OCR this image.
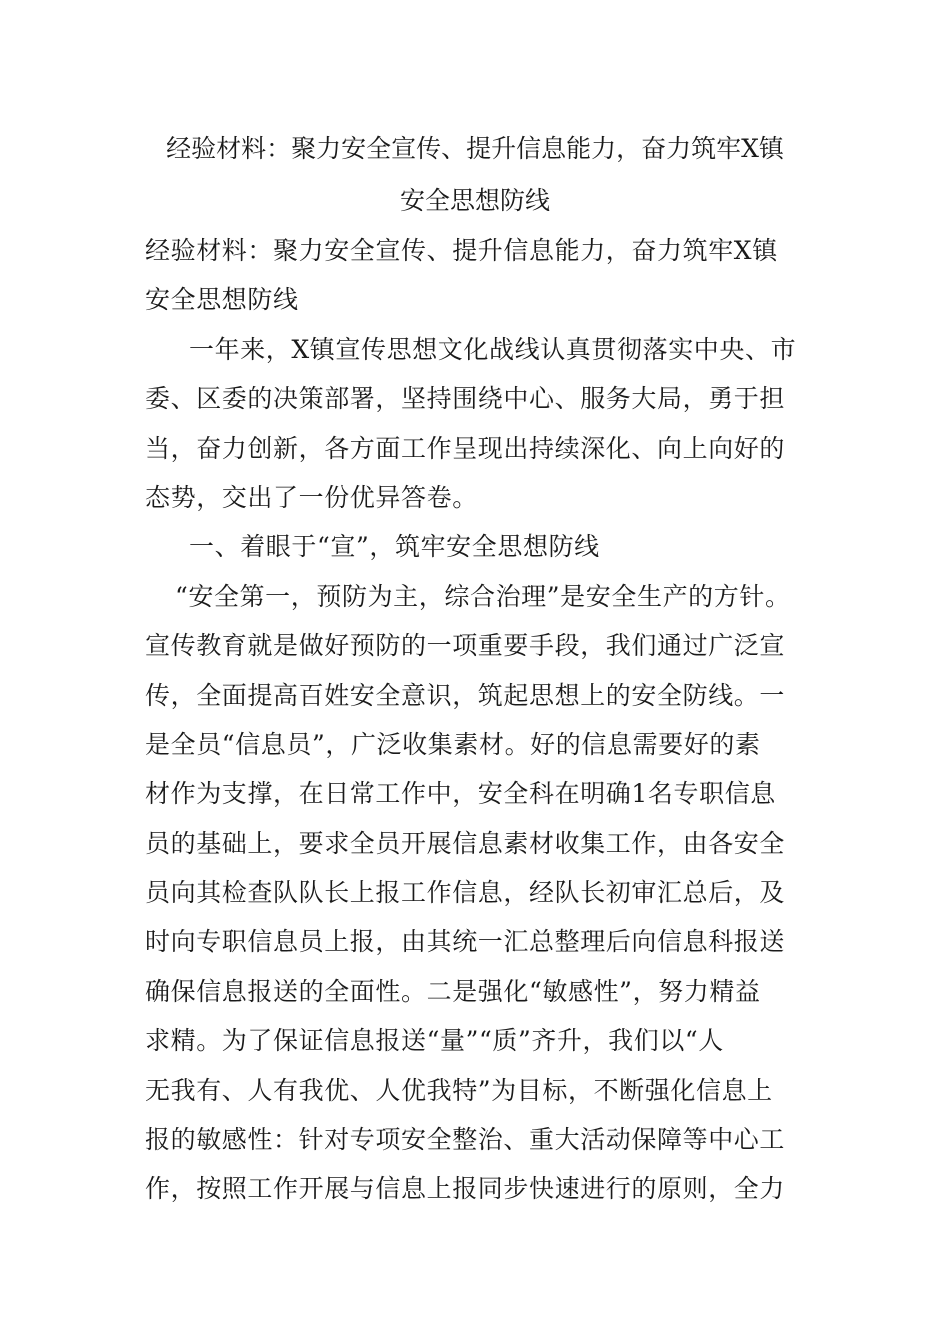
经验材料：聚力安全宣传、提升信息能力，奋力筑牢X镇
安全思想防线
经验材料：聚力安全宣传、提升信息能力，奋力筑牢X镇
安全思想防线
一年来，X镇宣传思想文化战线认真贯彻落实中央、市
委、区委的决策部署，坚持围绕中心、服务大局，勇于担
当，奋力创新，各方面工作呈现出持续深化、向上向好的
态势，交出了一份优异答卷。
一、着眼于“宣”，筑牢安全思想防线
“安全第一，预防为主，综合治理”是安全生产的方针。
宣传教育就是做好预防的一项重要手段，我们通过广泛宣
传，全面提高百姓安全意识，筑起思想上的安全防线。一
是全员“信息员”，广泛收集素材。好的信息需要好的素
材作为支撑，在日常工作中，安全科在明确1名专职信息
员的基础上，要求全员开展信息素材收集工作，由各安全
员向其检查队队长上报工作信息，经队长初审汇总后，及
时向专职信息员上报，由其统一汇总整理后向信息科报送
确保信息报送的全面性。二是强化“敏感性”，努力精益
求精。为了保证信息报送“量”“质”齐升，我们以“人
无我有、人有我优、人优我特”为目标，不断强化信息上
报的敏感性：针对专项安全整治、重大活动保障等中心工
作，按照工作开展与信息上报同步快速进行的原则，全力
